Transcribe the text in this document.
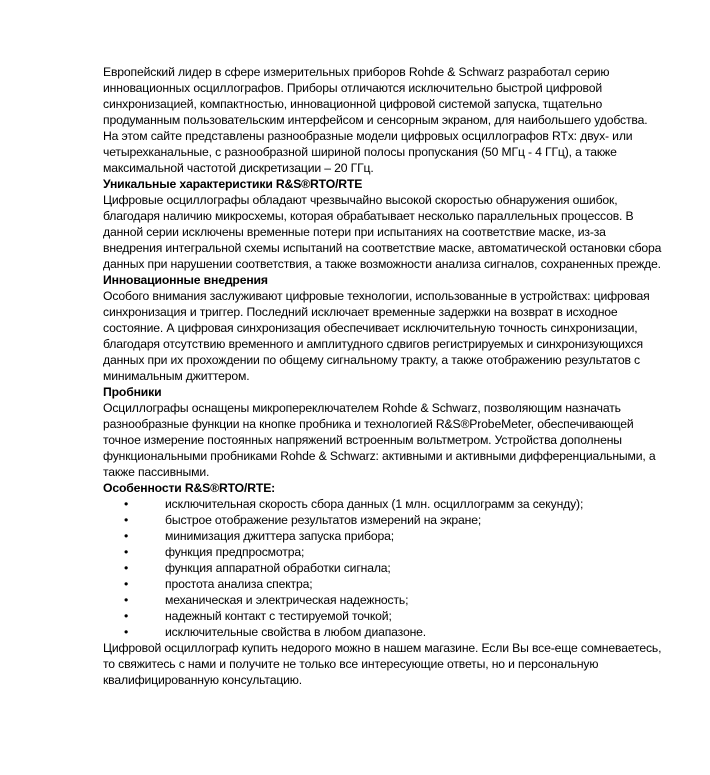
Европейский лидер в сфере измерительных приборов Rohde & Schwarz разработал серию инновационных осциллографов. Приборы отличаются исключительно быстрой цифровой синхронизацией, компактностью, инновационной цифровой системой запуска, тщательно продуманным пользовательским интерфейсом и сенсорным экраном, для наибольшего удобства. На этом сайте представлены разнообразные модели цифровых осциллографов RTx: двух- или четырехканальные, с разнообразной шириной полосы пропускания (50 МГц - 4 ГГц), а также максимальной частотой дискретизации – 20 ГГц.

Уникальные характеристики R&S®RTO/RTE

Цифровые осциллографы обладают чрезвычайно высокой скоростью обнаружения ошибок, благодаря наличию микросхемы, которая обрабатывает несколько параллельных процессов. В данной серии исключены временные потери при испытаниях на соответствие маске, из-за внедрения интегральной схемы испытаний на соответствие маске, автоматической остановки сбора данных при нарушении соответствия, а также возможности анализа сигналов, сохраненных прежде.

Инновационные внедрения

Особого внимания заслуживают цифровые технологии, использованные в устройствах: цифровая синхронизация и триггер. Последний исключает временные задержки на возврат в исходное состояние. А цифровая синхронизация обеспечивает исключительную точность синхронизации, благодаря отсутствию временного и амплитудного сдвигов регистрируемых и синхронизующихся данных при их прохождении по общему сигнальному тракту, а также отображению результатов с минимальным джиттером.

Пробники

Осциллографы оснащены микропереключателем Rohde & Schwarz, позволяющим назначать разнообразные функции на кнопке пробника и технологией R&S®ProbeMeter, обеспечивающей точное измерение постоянных напряжений встроенным вольтметром. Устройства дополнены функциональными пробниками Rohde & Schwarz: активными и активными дифференциальными, а также пассивными.

Особенности R&S®RTO/RTE:
•	исключительная скорость сбора данных (1 млн. осциллограмм за секунду);
•	быстрое отображение результатов измерений на экране;
•	минимизация джиттера запуска прибора;
•	функция предпросмотра;
•	функция аппаратной обработки сигнала;
•	простота анализа спектра;
•	механическая и электрическая надежность;
•	надежный контакт с тестируемой точкой;
•	исключительные свойства в любом диапазоне.

Цифровой осциллограф купить недорого можно в нашем магазине. Если Вы все-еще сомневаетесь, то свяжитесь с нами и получите не только все интересующие ответы, но и персональную квалифицированную консультацию.
